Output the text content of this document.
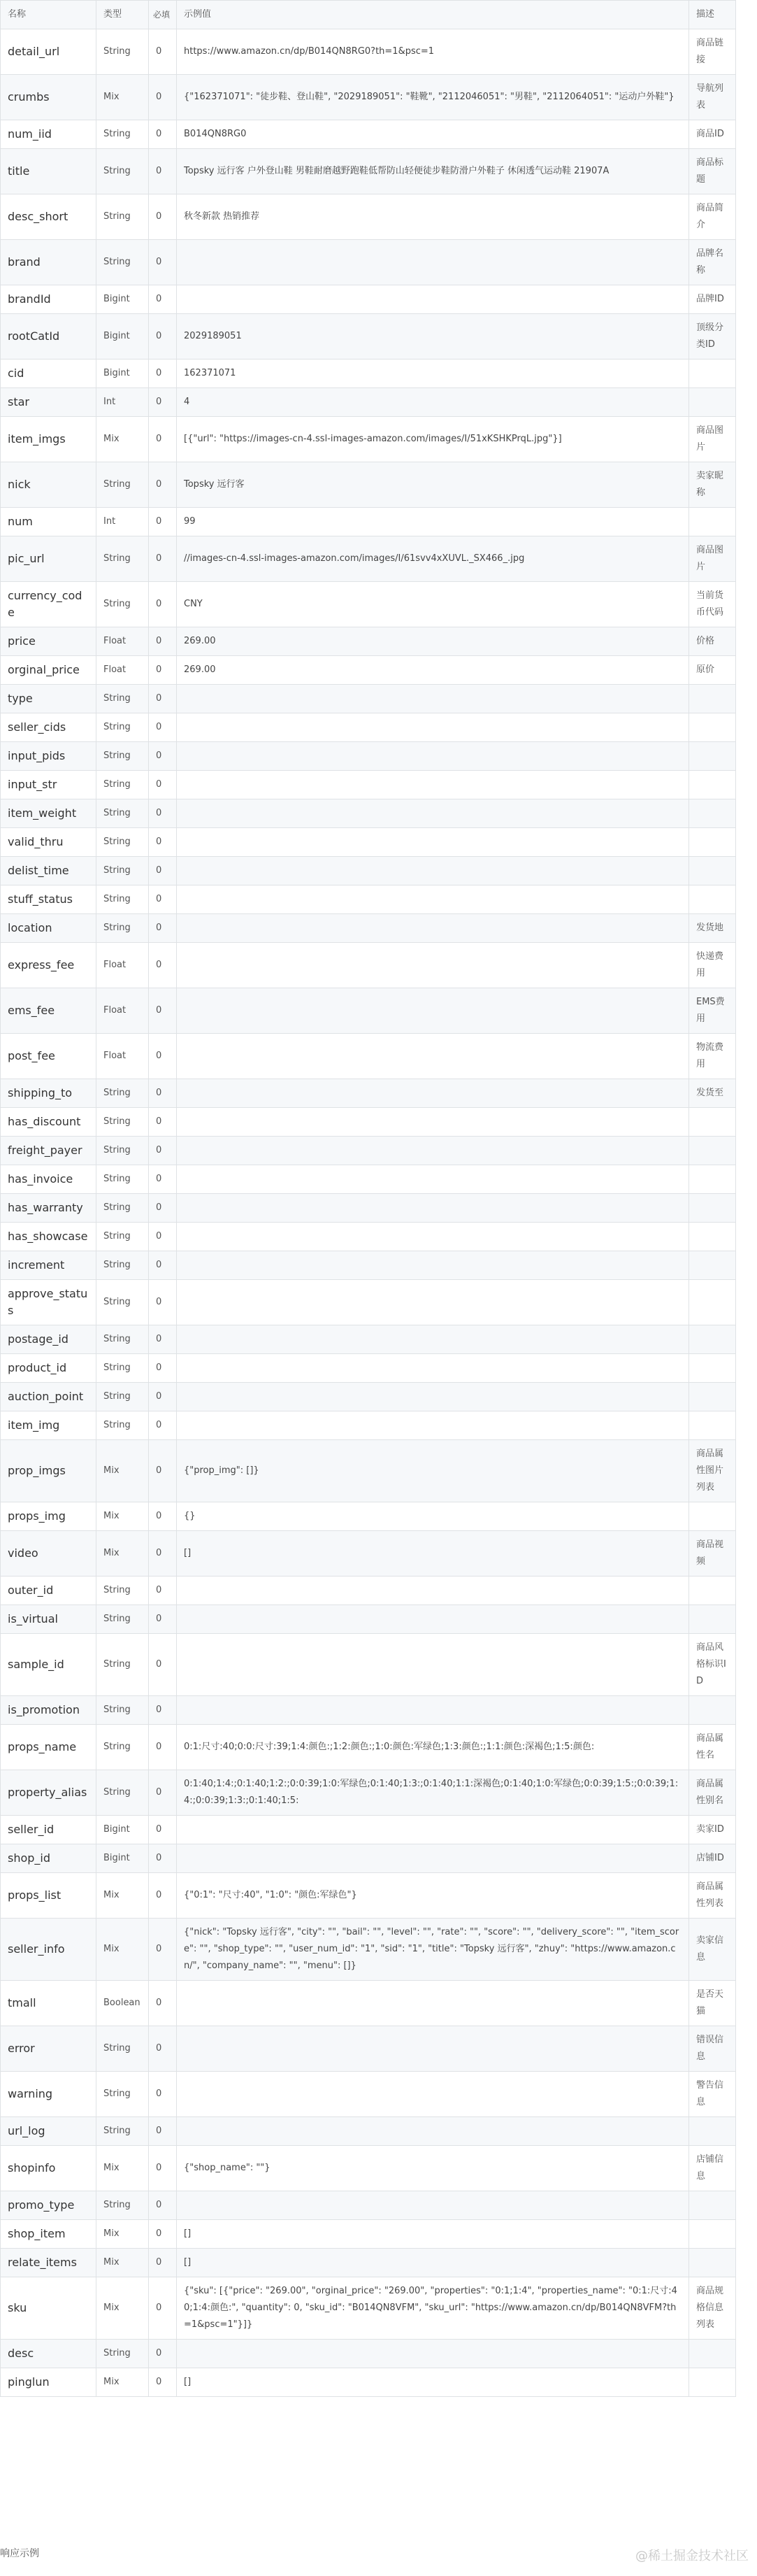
名称	类型	必填	示例值	描述
detail_url	String	0	https://www.amazon.cn/dp/B014QN8RG0?th=1&psc=1	商品链接
crumbs	Mix	0	{"162371071": "徒步鞋、登山鞋", "2029189051": "鞋靴", "2112046051": "男鞋", "2112064051": "运动户外鞋"}	导航列表
num_iid	String	0	B014QN8RG0	商品ID
title	String	0	Topsky 远行客 户外登山鞋 男鞋耐磨越野跑鞋低帮防山轻便徒步鞋防滑户外鞋子 休闲透气运动鞋 21907A	商品标题
desc_short	String	0	秋冬新款 热销推荐	商品简介
brand	String	0		品牌名称
brandId	Bigint	0		品牌ID
rootCatId	Bigint	0	2029189051	顶级分类ID
cid	Bigint	0	162371071	
star	Int	0	4	
item_imgs	Mix	0	[{"url": "https://images-cn-4.ssl-images-amazon.com/images/I/51xKSHKPrqL.jpg"}]	商品图片
nick	String	0	Topsky 远行客	卖家昵称
num	Int	0	99	
pic_url	String	0	//images-cn-4.ssl-images-amazon.com/images/I/61svv4xXUVL._SX466_.jpg	商品图片
currency_code	String	0	CNY	当前货币代码
price	Float	0	269.00	价格
orginal_price	Float	0	269.00	原价
type	String	0		
seller_cids	String	0		
input_pids	String	0		
input_str	String	0		
item_weight	String	0		
valid_thru	String	0		
delist_time	String	0		
stuff_status	String	0		
location	String	0		发货地
express_fee	Float	0		快递费用
ems_fee	Float	0		EMS费用
post_fee	Float	0		物流费用
shipping_to	String	0		发货至
has_discount	String	0		
freight_payer	String	0		
has_invoice	String	0		
has_warranty	String	0		
has_showcase	String	0		
increment	String	0		
approve_status	String	0		
postage_id	String	0		
product_id	String	0		
auction_point	String	0		
item_img	String	0		
prop_imgs	Mix	0	{"prop_img": []}	商品属性图片列表
props_img	Mix	0	{}	
video	Mix	0	[]	商品视频
outer_id	String	0		
is_virtual	String	0		
sample_id	String	0		商品风格标识ID
is_promotion	String	0		
props_name	String	0	0:1:尺寸:40;0:0:尺寸:39;1:4:颜色:;1:2:颜色:;1:0:颜色:军绿色;1:3:颜色:;1:1:颜色:深褐色;1:5:颜色:	商品属性名
property_alias	String	0	0:1:40;1:4:;0:1:40;1:2:;0:0:39;1:0:军绿色;0:1:40;1:3:;0:1:40;1:1:深褐色;0:1:40;1:0:军绿色;0:0:39;1:5:;0:0:39;1:4:;0:0:39;1:3:;0:1:40;1:5:	商品属性别名
seller_id	Bigint	0		卖家ID
shop_id	Bigint	0		店铺ID
props_list	Mix	0	{"0:1": "尺寸:40", "1:0": "颜色:军绿色"}	商品属性列表
seller_info	Mix	0	{"nick": "Topsky 远行客", "city": "", "bail": "", "level": "", "rate": "", "score": "", "delivery_score": "", "item_score": "", "shop_type": "", "user_num_id": "1", "sid": "1", "title": "Topsky 远行客", "zhuy": "https://www.amazon.cn/", "company_name": "", "menu": []}	卖家信息
tmall	Boolean	0		是否天猫
error	String	0		错误信息
warning	String	0		警告信息
url_log	String	0		
shopinfo	Mix	0	{"shop_name": ""}	店铺信息
promo_type	String	0		
shop_item	Mix	0	[]	
relate_items	Mix	0	[]	
sku	Mix	0	{"sku": [{"price": "269.00", "orginal_price": "269.00", "properties": "0:1;1:4", "properties_name": "0:1:尺寸:40;1:4:颜色:", "quantity": 0, "sku_id": "B014QN8VFM", "sku_url": "https://www.amazon.cn/dp/B014QN8VFM?th=1&psc=1"}]}	商品规格信息列表
desc	String	0		
pinglun	Mix	0	[]	
响应示例	@稀土掘金技术社区
